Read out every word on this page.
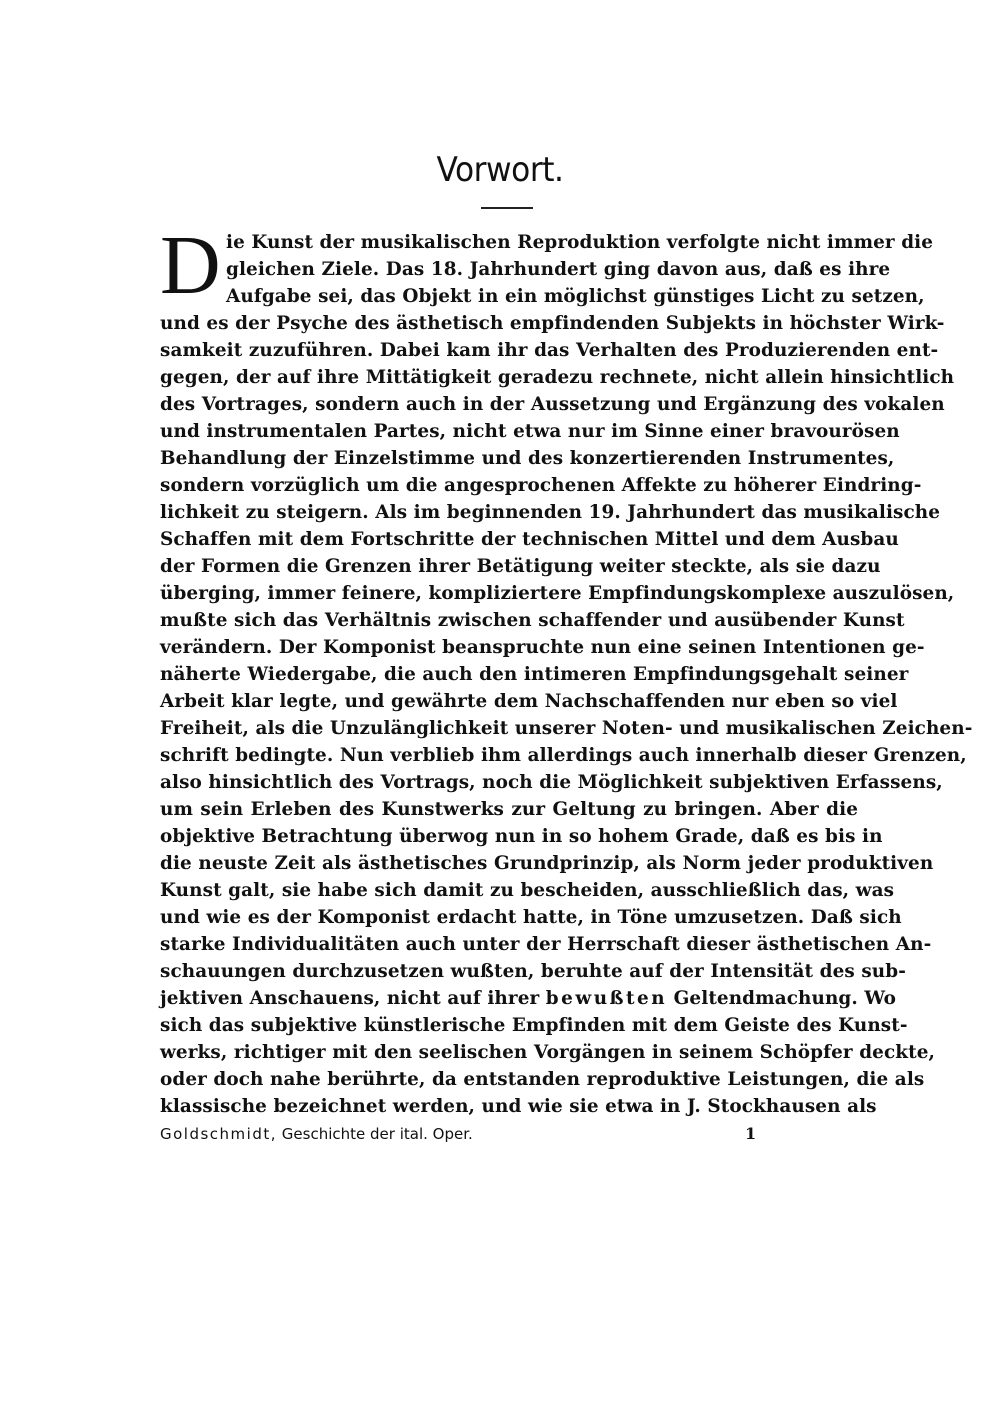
Vorwort.
D ie Kunst der musikalischen Reproduktion verfolgte nicht immer die
gleichen Ziele. Das 18. Jahrhundert ging davon aus, daß es ihre
Aufgabe sei, das Objekt in ein möglichst günstiges Licht zu setzen,
und es der Psyche des ästhetisch empfindenden Subjekts in höchster Wirk-
samkeit zuzuführen. Dabei kam ihr das Verhalten des Produzierenden ent-
gegen, der auf ihre Mittätigkeit geradezu rechnete, nicht allein hinsichtlich
des Vortrages, sondern auch in der Aussetzung und Ergänzung des vokalen
und instrumentalen Partes, nicht etwa nur im Sinne einer bravourösen
Behandlung der Einzelstimme und des konzertierenden Instrumentes,
sondern vorzüglich um die angesprochenen Affekte zu höherer Eindring-
lichkeit zu steigern. Als im beginnenden 19. Jahrhundert das musikalische
Schaffen mit dem Fortschritte der technischen Mittel und dem Ausbau
der Formen die Grenzen ihrer Betätigung weiter steckte, als sie dazu
überging, immer feinere, kompliziertere Empfindungskomplexe auszulösen,
mußte sich das Verhältnis zwischen schaffender und ausübender Kunst
verändern. Der Komponist beanspruchte nun eine seinen Intentionen ge-
näherte Wiedergabe, die auch den intimeren Empfindungsgehalt seiner
Arbeit klar legte, und gewährte dem Nachschaffenden nur eben so viel
Freiheit, als die Unzulänglichkeit unserer Noten- und musikalischen Zeichen-
schrift bedingte. Nun verblieb ihm allerdings auch innerhalb dieser Grenzen,
also hinsichtlich des Vortrags, noch die Möglichkeit subjektiven Erfassens,
um sein Erleben des Kunstwerks zur Geltung zu bringen. Aber die
objektive Betrachtung überwog nun in so hohem Grade, daß es bis in
die neuste Zeit als ästhetisches Grundprinzip, als Norm jeder produktiven
Kunst galt, sie habe sich damit zu bescheiden, ausschließlich das, was
und wie es der Komponist erdacht hatte, in Töne umzusetzen. Daß sich
starke Individualitäten auch unter der Herrschaft dieser ästhetischen An-
schauungen durchzusetzen wußten, beruhte auf der Intensität des sub-
jektiven Anschauens, nicht auf ihrer bewußten Geltendmachung. Wo
sich das subjektive künstlerische Empfinden mit dem Geiste des Kunst-
werks, richtiger mit den seelischen Vorgängen in seinem Schöpfer deckte,
oder doch nahe berührte, da entstanden reproduktive Leistungen, die als
klassische bezeichnet werden, und wie sie etwa in J. Stockhausen als
Goldschmidt, Geschichte der ital. Oper.	1
